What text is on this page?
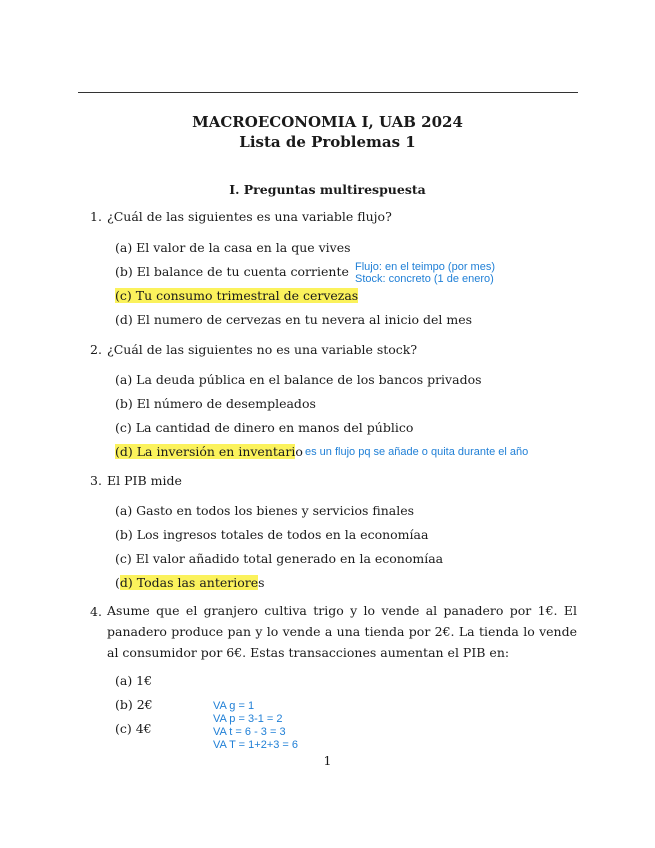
MACROECONOMIA I, UAB 2024
Lista de Problemas 1
I. Preguntas multirespuesta
1. ¿Cuál de las siguientes es una variable flujo?
(a) El valor de la casa en la que vives
(b) El balance de tu cuenta corriente
(c) Tu consumo trimestral de cervezas
(d) El numero de cervezas en tu nevera al inicio del mes
Flujo: en el teimpo (por mes)
Stock: concreto (1 de enero)
2. ¿Cuál de las siguientes no es una variable stock?
(a) La deuda pública en el balance de los bancos privados
(b) El número de desempleados
(c) La cantidad de dinero en manos del público
(d) La inversión en inventario es un flujo pq se añade o quita durante el año
3. El PIB mide
(a) Gasto en todos los bienes y servicios finales
(b) Los ingresos totales de todos en la economíaa
(c) El valor añadido total generado en la economíaa
(d) Todas las anteriores
4. Asume que el granjero cultiva trigo y lo vende al panadero por 1€. El panadero produce pan y lo vende a una tienda por 2€. La tienda lo vende al consumidor por 6€. Estas transacciones aumentan el PIB en:
(a) 1€
(b) 2€
(c) 4€
VA g = 1
VA p = 3-1 = 2
VA t = 6 - 3 = 3
VA T = 1+2+3 = 6
1
